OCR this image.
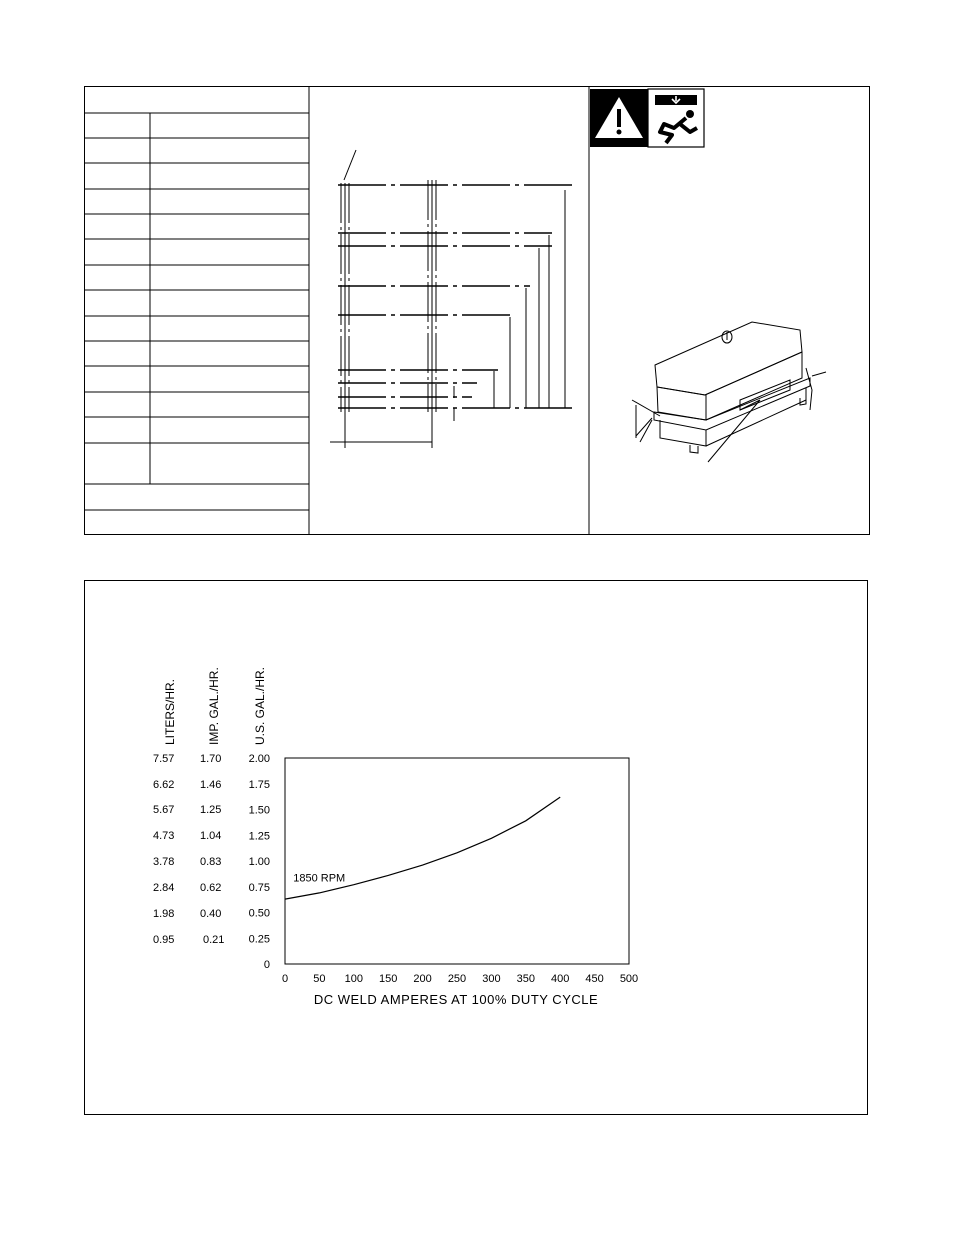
LITERS/HR.	IMP. GAL./HR.	U.S. GAL./HR.
7.57
6.62
5.67
4.73
3.78
2.84
1.98
0.95
1.70
1.46
1.25
1.04
0.83
0.62
0.40
0.21
DC WELD AMPERES AT 100% DUTY CYCLE
0 50 100 150 200 250 300 350 400 450 500
0
0.25
0.50
0.75
1.00
1.25
1.50
1.75
2.00
1850 RPM
